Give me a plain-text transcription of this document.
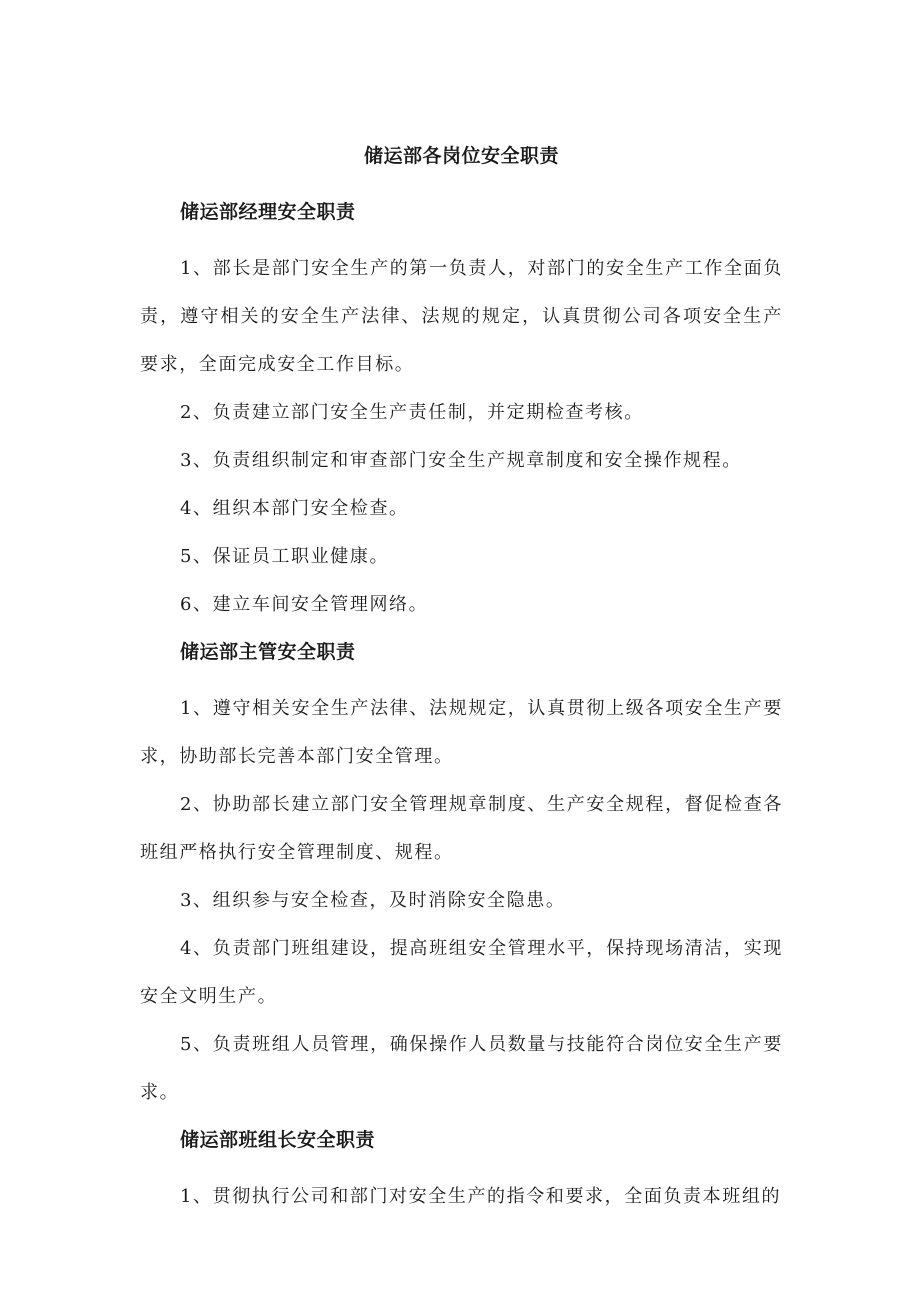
储运部各岗位安全职责
储运部经理安全职责

1、部长是部门安全生产的第一负责人，对部门的安全生产工作全面负责，遵守相关的安全生产法律、法规的规定，认真贯彻公司各项安全生产要求，全面完成安全工作目标。

2、负责建立部门安全生产责任制，并定期检查考核。

3、负责组织制定和审查部门安全生产规章制度和安全操作规程。

4、组织本部门安全检查。

5、保证员工职业健康。

6、建立车间安全管理网络。

储运部主管安全职责

1、遵守相关安全生产法律、法规规定，认真贯彻上级各项安全生产要求，协助部长完善本部门安全管理。

2、协助部长建立部门安全管理规章制度、生产安全规程，督促检查各班组严格执行安全管理制度、规程。

3、组织参与安全检查，及时消除安全隐患。

4、负责部门班组建设，提高班组安全管理水平，保持现场清洁，实现安全文明生产。

5、负责班组人员管理，确保操作人员数量与技能符合岗位安全生产要求。

储运部班组长安全职责

1、贯彻执行公司和部门对安全生产的指令和要求，全面负责本班组的
